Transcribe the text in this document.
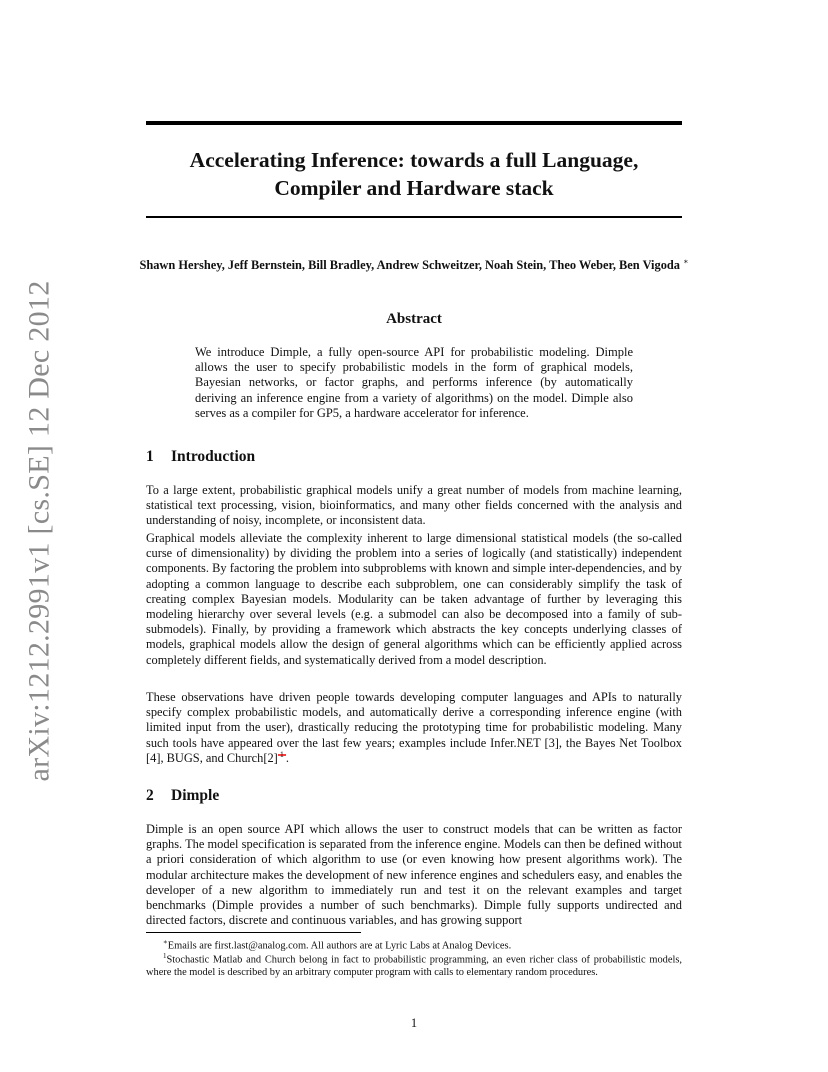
arXiv:1212.2991v1 [cs.SE] 12 Dec 2012
Accelerating Inference: towards a full Language,
Compiler and Hardware stack

Shawn Hershey, Jeff Bernstein, Bill Bradley, Andrew Schweitzer, Noah Stein, Theo Weber, Ben Vigoda ∗

Abstract

We introduce Dimple, a fully open-source API for probabilistic modeling. Dimple allows the user to specify probabilistic models in the form of graphical models, Bayesian networks, or factor graphs, and performs inference (by automatically deriving an inference engine from a variety of algorithms) on the model. Dimple also serves as a compiler for GP5, a hardware accelerator for inference.

1 Introduction

To a large extent, probabilistic graphical models unify a great number of models from machine learning, statistical text processing, vision, bioinformatics, and many other fields concerned with the analysis and understanding of noisy, incomplete, or inconsistent data.

Graphical models alleviate the complexity inherent to large dimensional statistical models (the so-called curse of dimensionality) by dividing the problem into a series of logically (and statistically) independent components. By factoring the problem into subproblems with known and simple inter-dependencies, and by adopting a common language to describe each subproblem, one can considerably simplify the task of creating complex Bayesian models. Modularity can be taken advantage of further by leveraging this modeling hierarchy over several levels (e.g. a submodel can also be decomposed into a family of sub-submodels). Finally, by providing a framework which abstracts the key concepts underlying classes of models, graphical models allow the design of general algorithms which can be efficiently applied across completely different fields, and systematically derived from a model description.

These observations have driven people towards developing computer languages and APIs to naturally specify complex probabilistic models, and automatically derive a corresponding inference engine (with limited input from the user), drastically reducing the prototyping time for probabilistic modeling. Many such tools have appeared over the last few years; examples include Infer.NET [3], the Bayes Net Toolbox [4], BUGS, and Church[2] 1 .

2 Dimple

Dimple is an open source API which allows the user to construct models that can be written as factor graphs. The model specification is separated from the inference engine. Models can then be defined without a priori consideration of which algorithm to use (or even knowing how present algorithms work). The modular architecture makes the development of new inference engines and schedulers easy, and enables the developer of a new algorithm to immediately run and test it on the relevant examples and target benchmarks (Dimple provides a number of such benchmarks). Dimple fully supports undirected and directed factors, discrete and continuous variables, and has growing support

∗Emails are first.last@analog.com. All authors are at Lyric Labs at Analog Devices.

$^1$Stochastic Matlab and Church belong in fact to probabilistic programming, an even richer class of probabilistic models, where the model is described by an arbitrary computer program with calls to elementary random procedures.

1
